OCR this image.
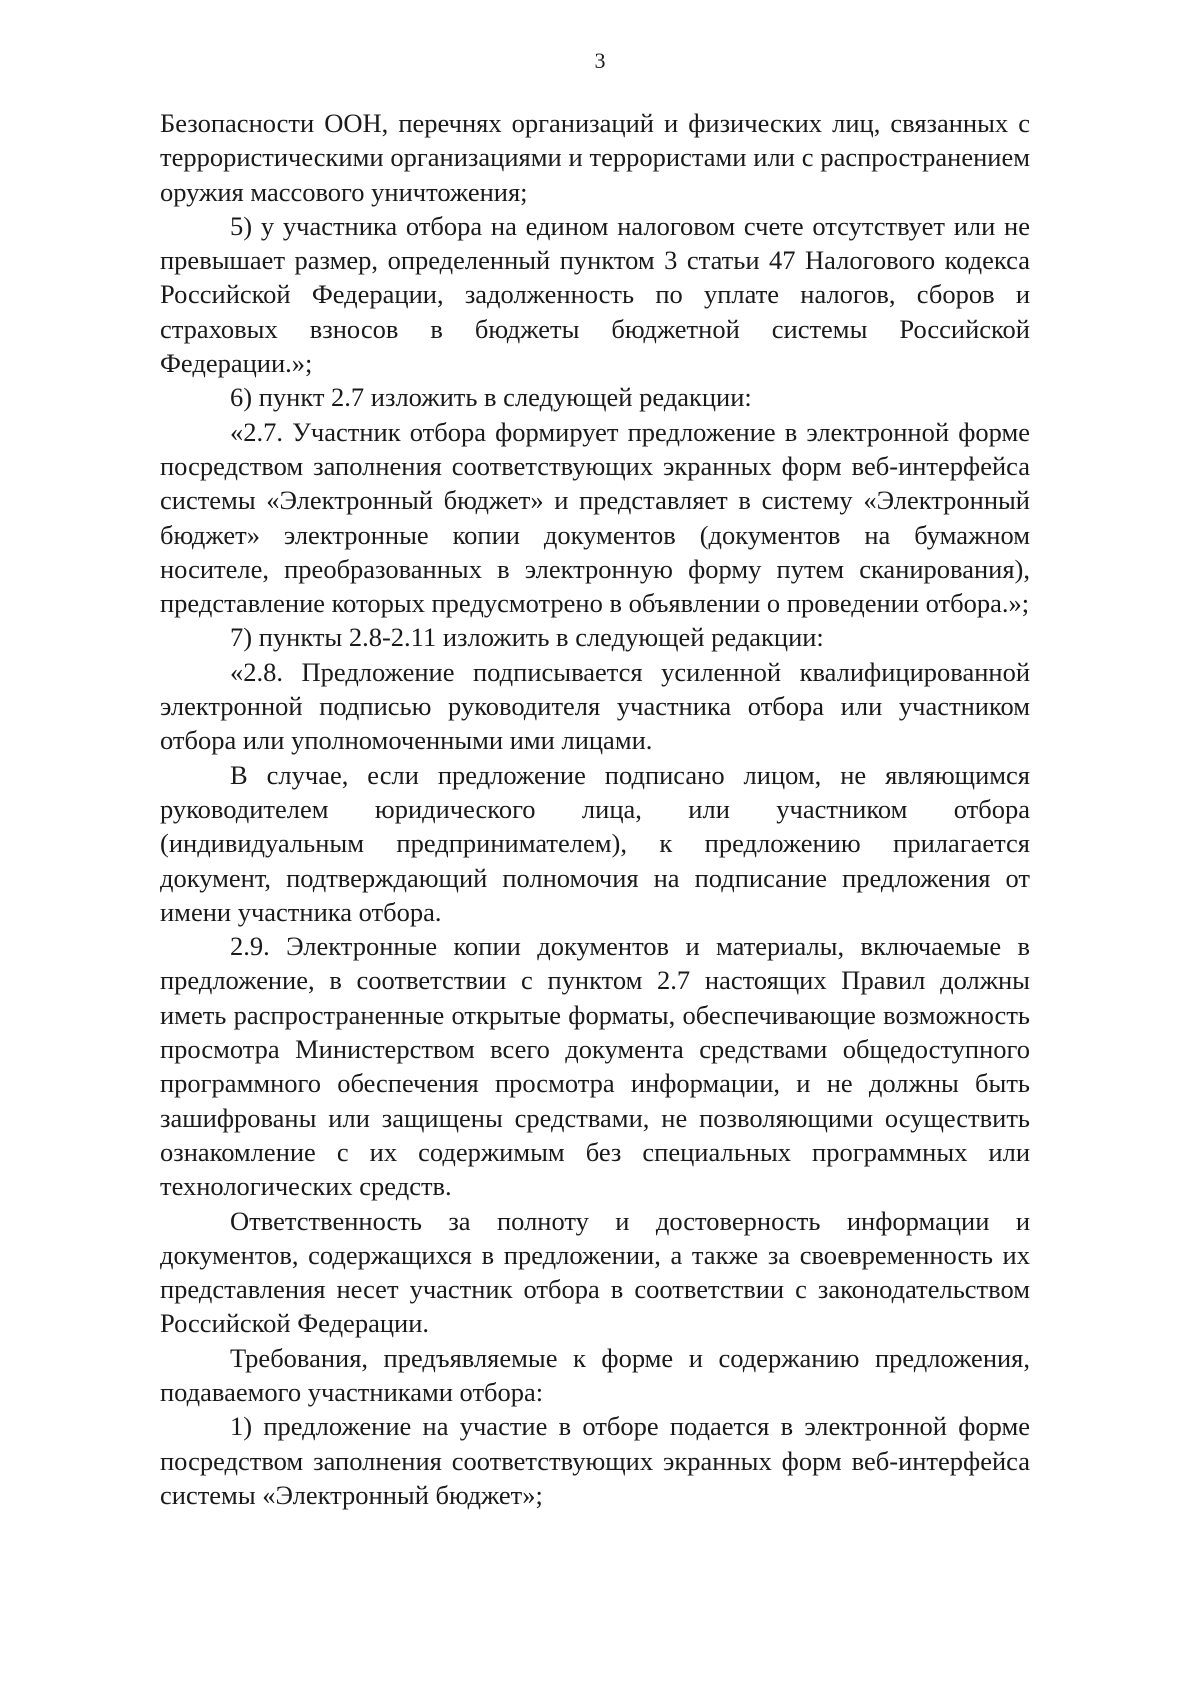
3

Безопасности ООН, перечнях организаций и физических лиц, связанных с террористическими организациями и террористами или с распространением оружия массового уничтожения;

5) у участника отбора на едином налоговом счете отсутствует или не превышает размер, определенный пунктом 3 статьи 47 Налогового кодекса Российской Федерации, задолженность по уплате налогов, сборов и страховых взносов в бюджеты бюджетной системы Российской Федерации.»;

6) пункт 2.7 изложить в следующей редакции:

«2.7. Участник отбора формирует предложение в электронной форме посредством заполнения соответствующих экранных форм веб-интерфейса системы «Электронный бюджет» и представляет в систему «Электронный бюджет» электронные копии документов (документов на бумажном носителе, преобразованных в электронную форму путем сканирования), представление которых предусмотрено в объявлении о проведении отбора.»;

7) пункты 2.8-2.11 изложить в следующей редакции:

«2.8. Предложение подписывается усиленной квалифицированной электронной подписью руководителя участника отбора или участником отбора или уполномоченными ими лицами.

В случае, если предложение подписано лицом, не являющимся руководителем юридического лица, или участником отбора (индивидуальным предпринимателем), к предложению прилагается документ, подтверждающий полномочия на подписание предложения от имени участника отбора.

2.9. Электронные копии документов и материалы, включаемые в предложение, в соответствии с пунктом 2.7 настоящих Правил должны иметь распространенные открытые форматы, обеспечивающие возможность просмотра Министерством всего документа средствами общедоступного программного обеспечения просмотра информации, и не должны быть зашифрованы или защищены средствами, не позволяющими осуществить ознакомление с их содержимым без специальных программных или технологических средств.

Ответственность за полноту и достоверность информации и документов, содержащихся в предложении, а также за своевременность их представления несет участник отбора в соответствии с законодательством Российской Федерации.

Требования, предъявляемые к форме и содержанию предложения, подаваемого участниками отбора:

1) предложение на участие в отборе подается в электронной форме посредством заполнения соответствующих экранных форм веб-интерфейса системы «Электронный бюджет»;
